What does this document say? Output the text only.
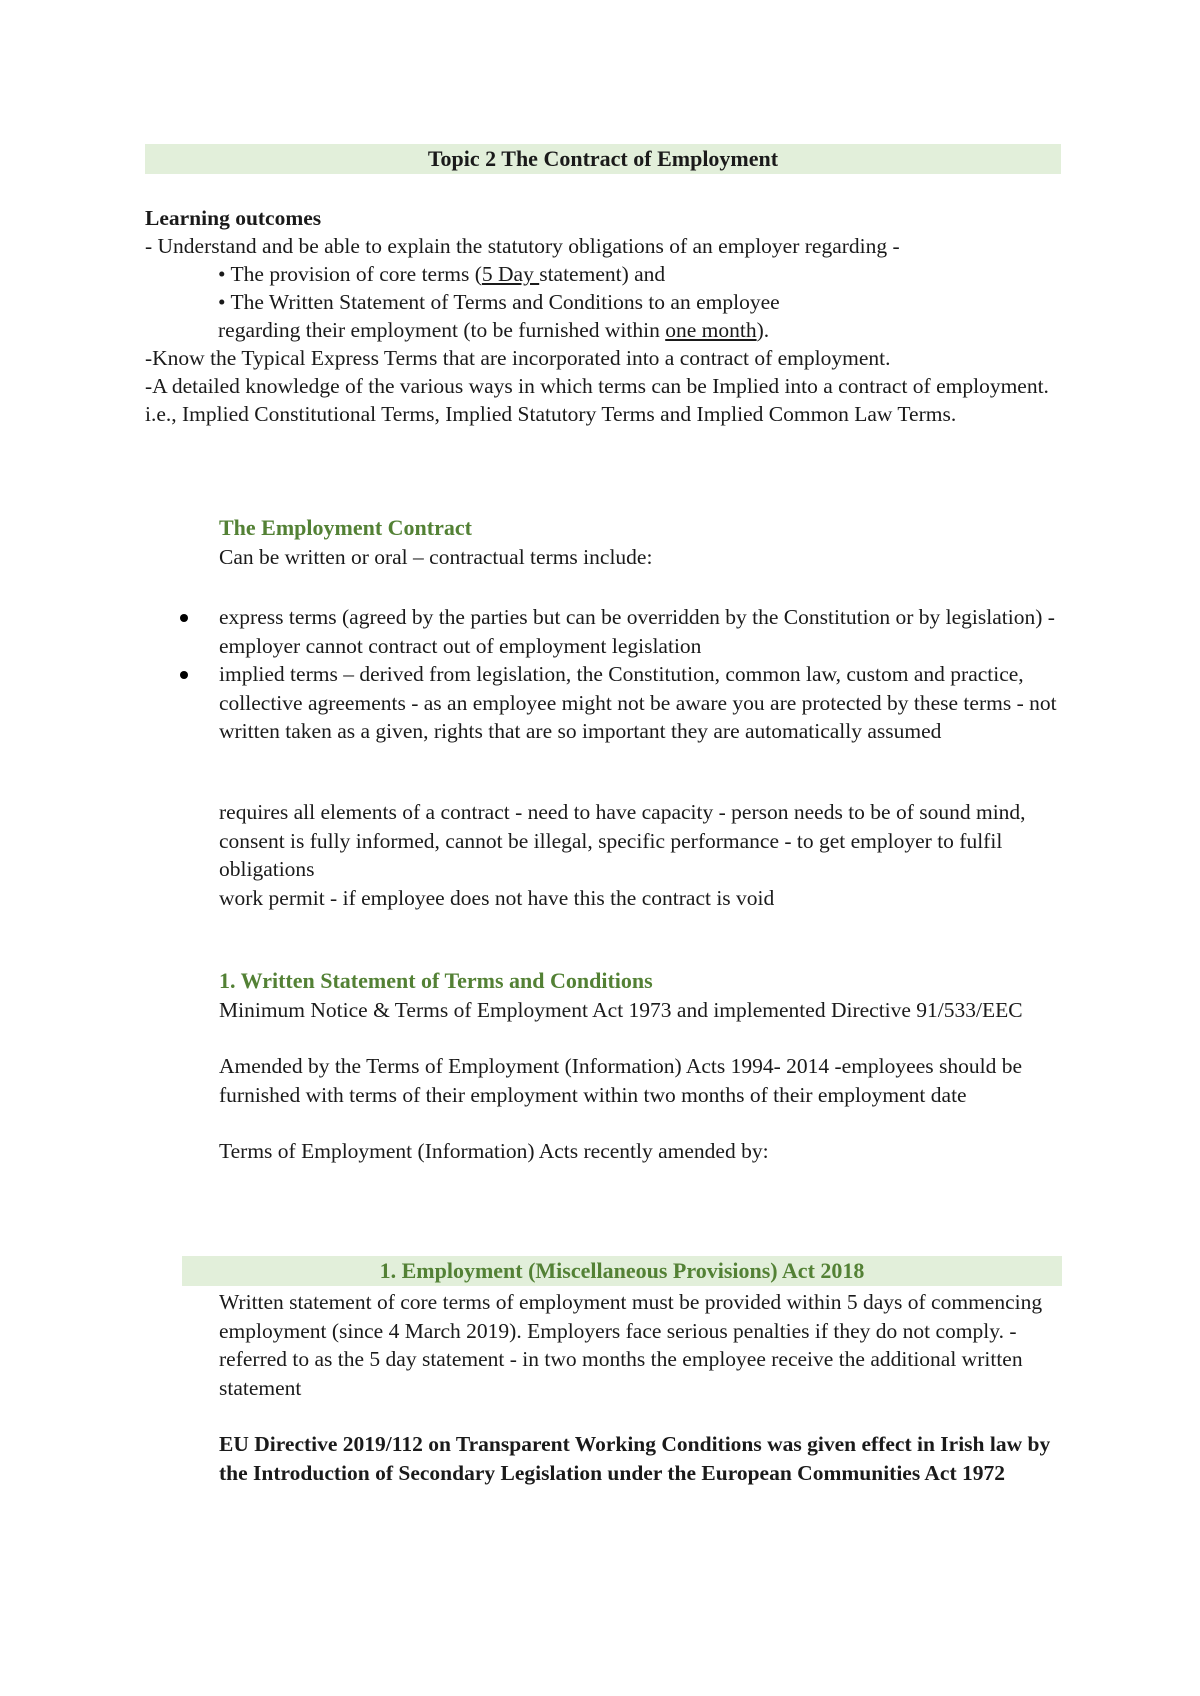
Topic 2 The Contract of Employment
Learning outcomes
- Understand and be able to explain the statutory obligations of an employer regarding -
• The provision of core terms (5 Day statement) and
• The Written Statement of Terms and Conditions to an employee
regarding their employment (to be furnished within one month).
-Know the Typical Express Terms that are incorporated into a contract of employment.
-A detailed knowledge of the various ways in which terms can be Implied into a contract of employment. i.e., Implied Constitutional Terms, Implied Statutory Terms and Implied Common Law Terms.
The Employment Contract
Can be written or oral – contractual terms include:
express terms (agreed by the parties but can be overridden by the Constitution or by legislation) -employer cannot contract out of employment legislation
implied terms – derived from legislation, the Constitution, common law, custom and practice, collective agreements - as an employee might not be aware you are protected by these terms - not written taken as a given, rights that are so important they are automatically assumed

requires all elements of a contract - need to have capacity - person needs to be of sound mind, consent is fully informed, cannot be illegal, specific performance - to get employer to fulfil obligations

work permit - if employee does not have this the contract is void

1. Written Statement of Terms and Conditions

Minimum Notice & Terms of Employment Act 1973 and implemented Directive 91/533/EEC

Amended by the Terms of Employment (Information) Acts 1994- 2014 -employees should be furnished with terms of their employment within two months of their employment date

Terms of Employment (Information) Acts recently amended by:

1. Employment (Miscellaneous Provisions) Act 2018

Written statement of core terms of employment must be provided within 5 days of commencing employment (since 4 March 2019). Employers face serious penalties if they do not comply. - referred to as the 5 day statement - in two months the employee receive the additional written statement

EU Directive 2019/112 on Transparent Working Conditions was given effect in Irish law by the Introduction of Secondary Legislation under the European Communities Act 1972
